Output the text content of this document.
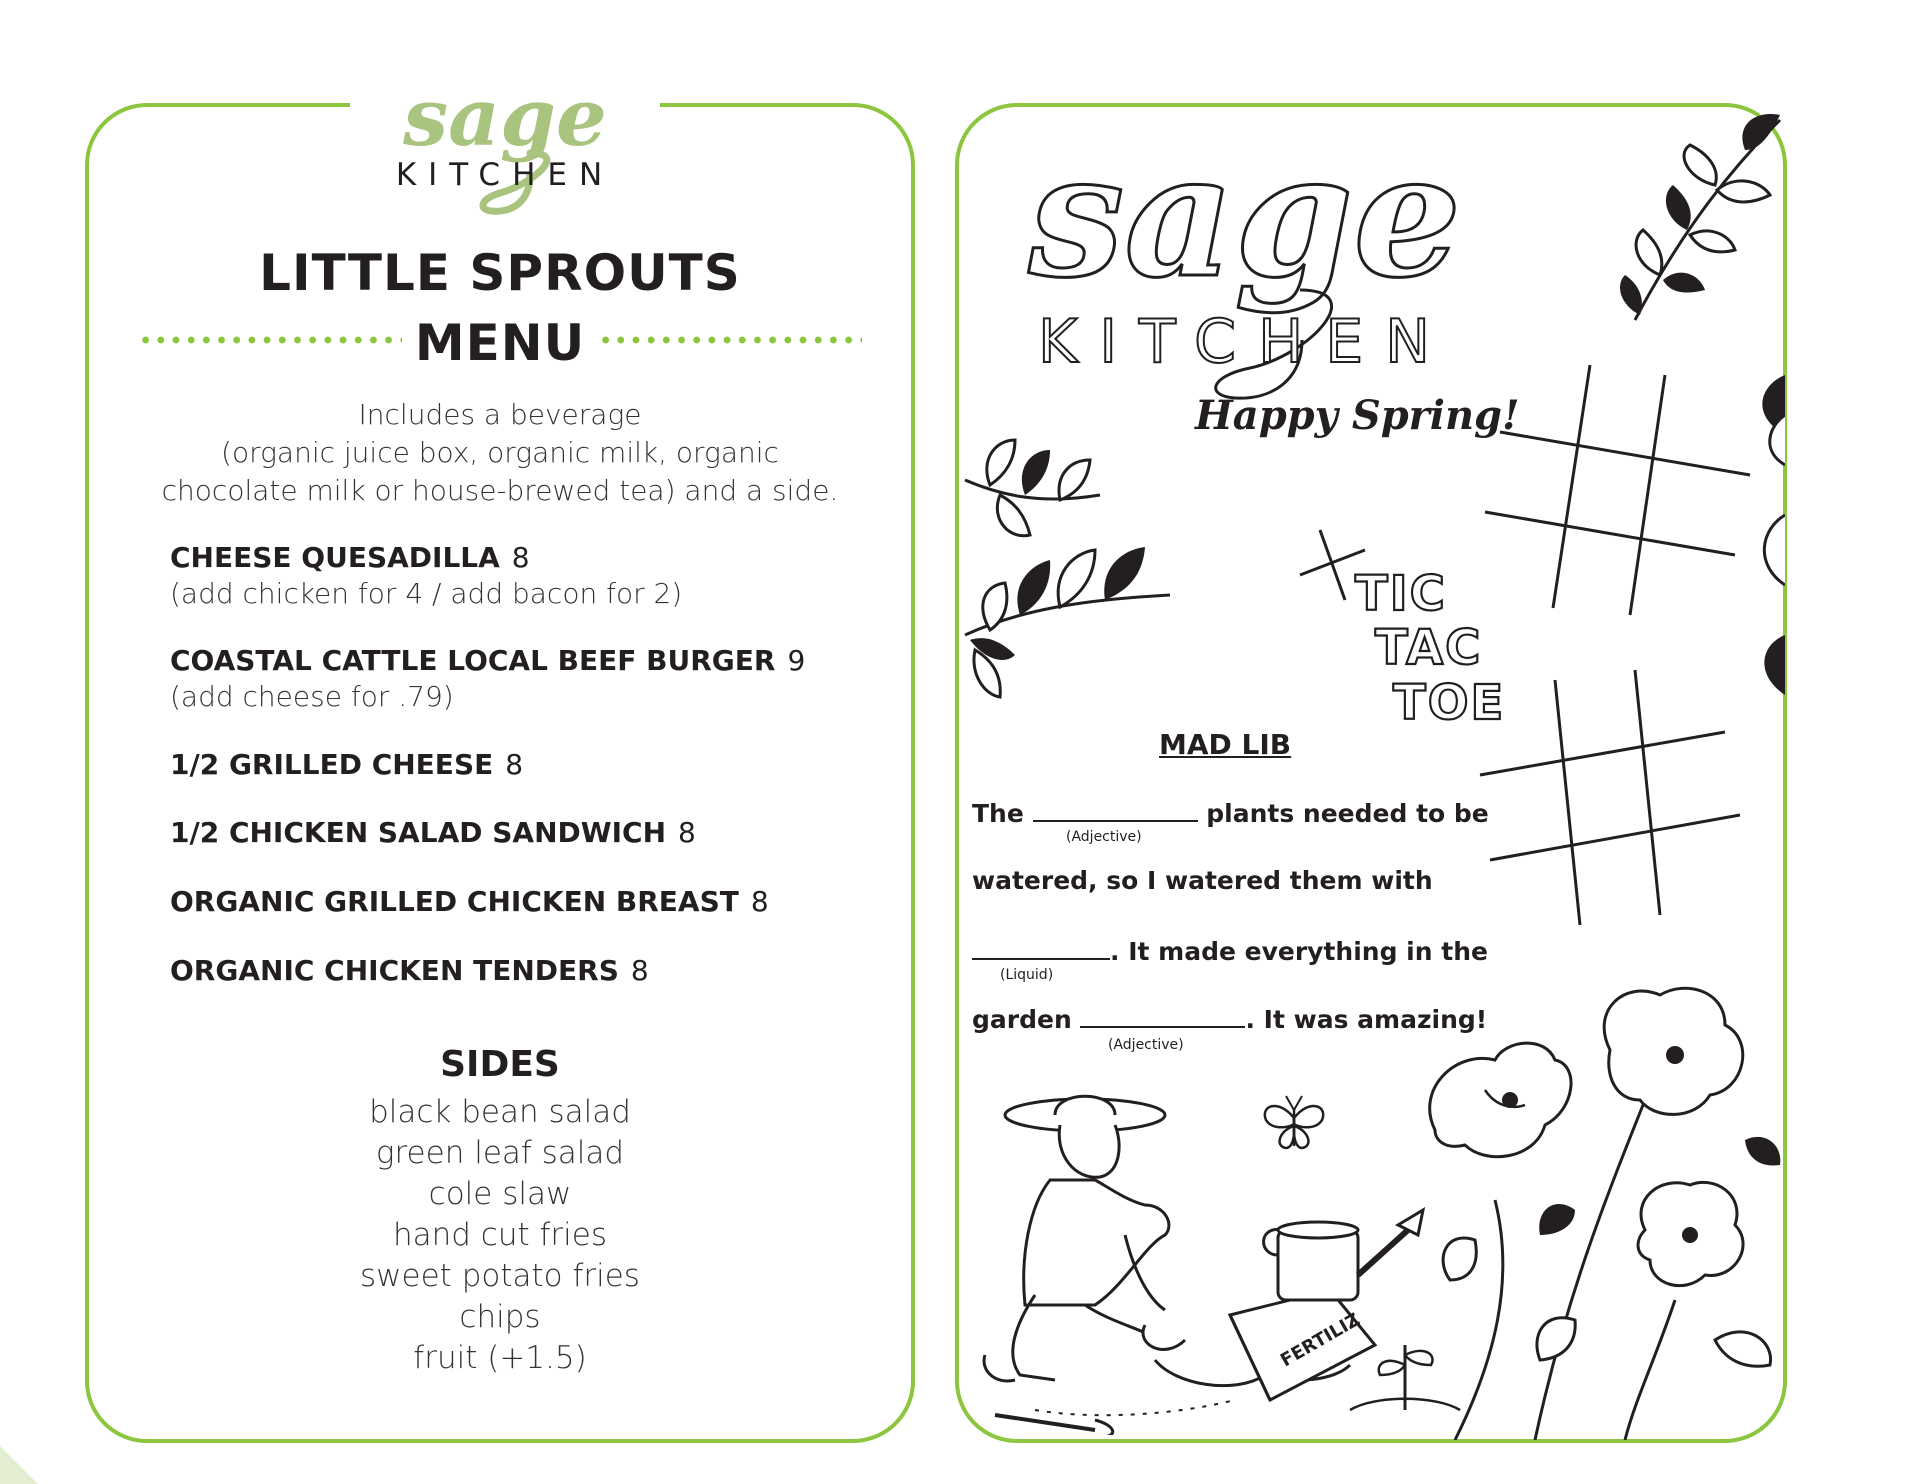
sage
KITCHEN
LITTLE SPROUTS
MENU
Includes a beverage
(organic juice box, organic milk, organic
chocolate milk or house-brewed tea) and a side.
CHEESE QUESADILLA 8
(add chicken for 4 / add bacon for 2)
COASTAL CATTLE LOCAL BEEF BURGER 9
(add cheese for .79)
1/2 GRILLED CHEESE 8
1/2 CHICKEN SALAD SANDWICH 8
ORGANIC GRILLED CHICKEN BREAST 8
ORGANIC CHICKEN TENDERS 8
SIDES
black bean salad
green leaf salad
cole slaw
hand cut fries
sweet potato fries
chips
fruit (+1.5)
sage
KITCHEN
Happy Spring!
TIC
TAC
TOE
MAD LIB
The	plants needed to be
(Adjective)
watered, so I watered them with
. It made everything in the
(Liquid)
garden	. It was amazing!
(Adjective)
FERTILIZ
